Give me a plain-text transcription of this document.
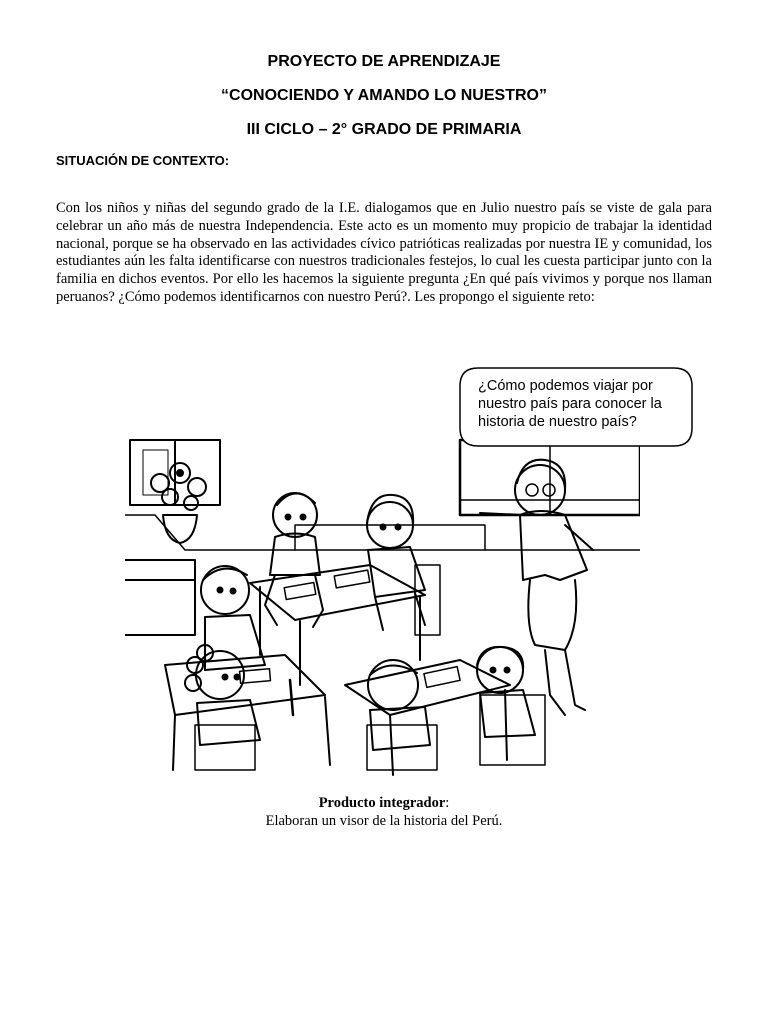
PROYECTO DE APRENDIZAJE
“CONOCIENDO Y AMANDO LO NUESTRO”
III CICLO – 2° GRADO DE PRIMARIA

SITUACIÓN DE CONTEXTO:

Con los niños y niñas del segundo grado de la I.E. dialogamos que en Julio nuestro país se viste de gala para celebrar un año más de nuestra Independencia. Este acto es un momento muy propicio de trabajar la identidad nacional, porque se ha observado en las actividades cívico patrióticas realizadas por nuestra IE y comunidad, los estudiantes aún les falta identificarse con nuestros tradicionales festejos, lo cual les cuesta participar junto con la familia en dichos eventos. Por ello les hacemos la siguiente pregunta ¿En qué país vivimos y porque nos llaman peruanos? ¿Cómo podemos identificarnos con nuestro Perú?. Les propongo el siguiente reto:

¿Cómo podemos viajar por nuestro país para conocer la historia de nuestro país?

Producto integrador:
Elaboran un visor de la historia del Perú.
